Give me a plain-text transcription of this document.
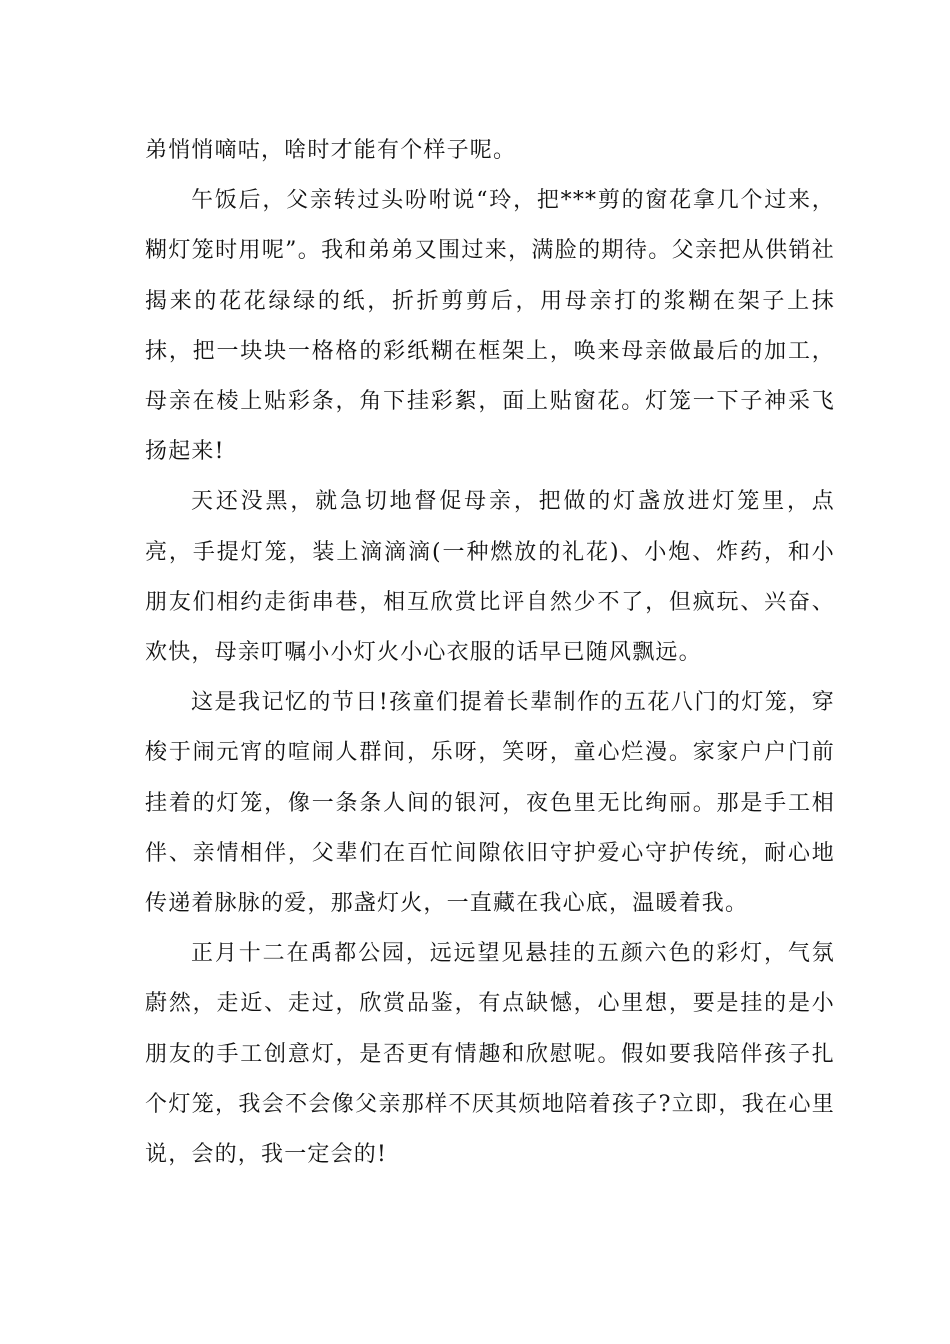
弟悄悄嘀咕，啥时才能有个样子呢。

午饭后，父亲转过头吩咐说“玲，把***剪的窗花拿几个过来，糊灯笼时用呢”。我和弟弟又围过来，满脸的期待。父亲把从供销社揭来的花花绿绿的纸，折折剪剪后，用母亲打的浆糊在架子上抹抹，把一块块一格格的彩纸糊在框架上，唤来母亲做最后的加工，母亲在棱上贴彩条，角下挂彩絮，面上贴窗花。灯笼一下子神采飞扬起来!

天还没黑，就急切地督促母亲，把做的灯盏放进灯笼里，点亮，手提灯笼，装上滴滴滴(一种燃放的礼花)、小炮、炸药，和小朋友们相约走街串巷，相互欣赏比评自然少不了，但疯玩、兴奋、欢快，母亲叮嘱小小灯火小心衣服的话早已随风飘远。

这是我记忆的节日!孩童们提着长辈制作的五花八门的灯笼，穿梭于闹元宵的喧闹人群间，乐呀，笑呀，童心烂漫。家家户户门前挂着的灯笼，像一条条人间的银河，夜色里无比绚丽。那是手工相伴、亲情相伴，父辈们在百忙间隙依旧守护爱心守护传统，耐心地传递着脉脉的爱，那盏灯火，一直藏在我心底，温暖着我。

正月十二在禹都公园，远远望见悬挂的五颜六色的彩灯，气氛蔚然，走近、走过，欣赏品鉴，有点缺憾，心里想，要是挂的是小朋友的手工创意灯，是否更有情趣和欣慰呢。假如要我陪伴孩子扎个灯笼，我会不会像父亲那样不厌其烦地陪着孩子?立即，我在心里说，会的，我一定会的!
